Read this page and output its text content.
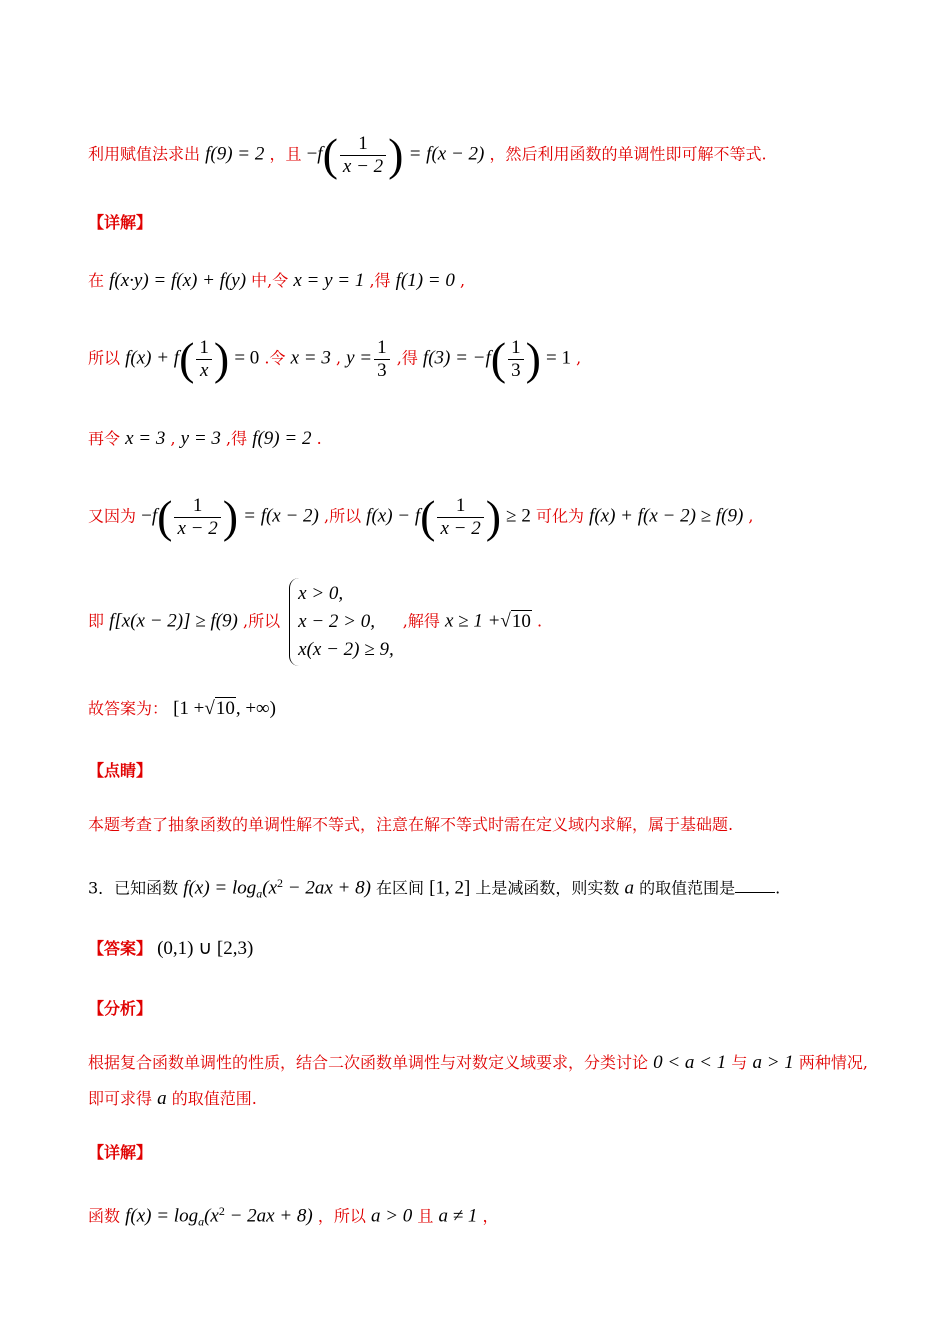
利用赋值法求出 f(9) = 2 ，且 $-f( \frac{1}{x - 2}$ ) = f(x − 2) ，然后利用函数的单调性即可解不等式.
【详解】
在 f(x·y) = f(x) + f(y) 中,令 x = y = 1 ,得 f(1) = 0 ,
所以 $f(x) + f( \frac{1}{x}$ ) = 0 .令 x = 3 , $y = \frac{1}{3}$ ,得 $f(3) = -f( \frac{1}{3}$ ) = 1 ,
再令 x = 3 , y = 3 ,得 f(9) = 2 .
又因为 $-f( \frac{1}{x - 2}$ ) = f(x − 2) ,所以 $f(x) - f( \frac{1}{x - 2}$ ) ≥ 2 可化为 f(x) + f(x − 2) ≥ f(9) ,
即 f[x(x − 2)] ≥ f(9) ,所以
x > 0,
x − 2 > 0,
x(x − 2) ≥ 9,
,解得 x ≥ 1 +√10 .
故答案为： [1 +√10, +∞)
【点睛】
本题考查了抽象函数的单调性解不等式，注意在解不等式时需在定义域内求解，属于基础题.
3．已知函数 $f(x) = \log_a(x^2 - 2ax + 8)$ 在区间 [1, 2] 上是减函数，则实数 a 的取值范围是	.
【答案】 (0,1) ∪ [2,3)
【分析】
根据复合函数单调性的性质，结合二次函数单调性与对数定义域要求，分类讨论 0 < a < 1 与 a > 1 两种情况,
即可求得 a 的取值范围.
【详解】
函数 $f(x) = \log_a(x^2 - 2ax + 8)$ ，所以 a > 0 且 a ≠ 1 ，
